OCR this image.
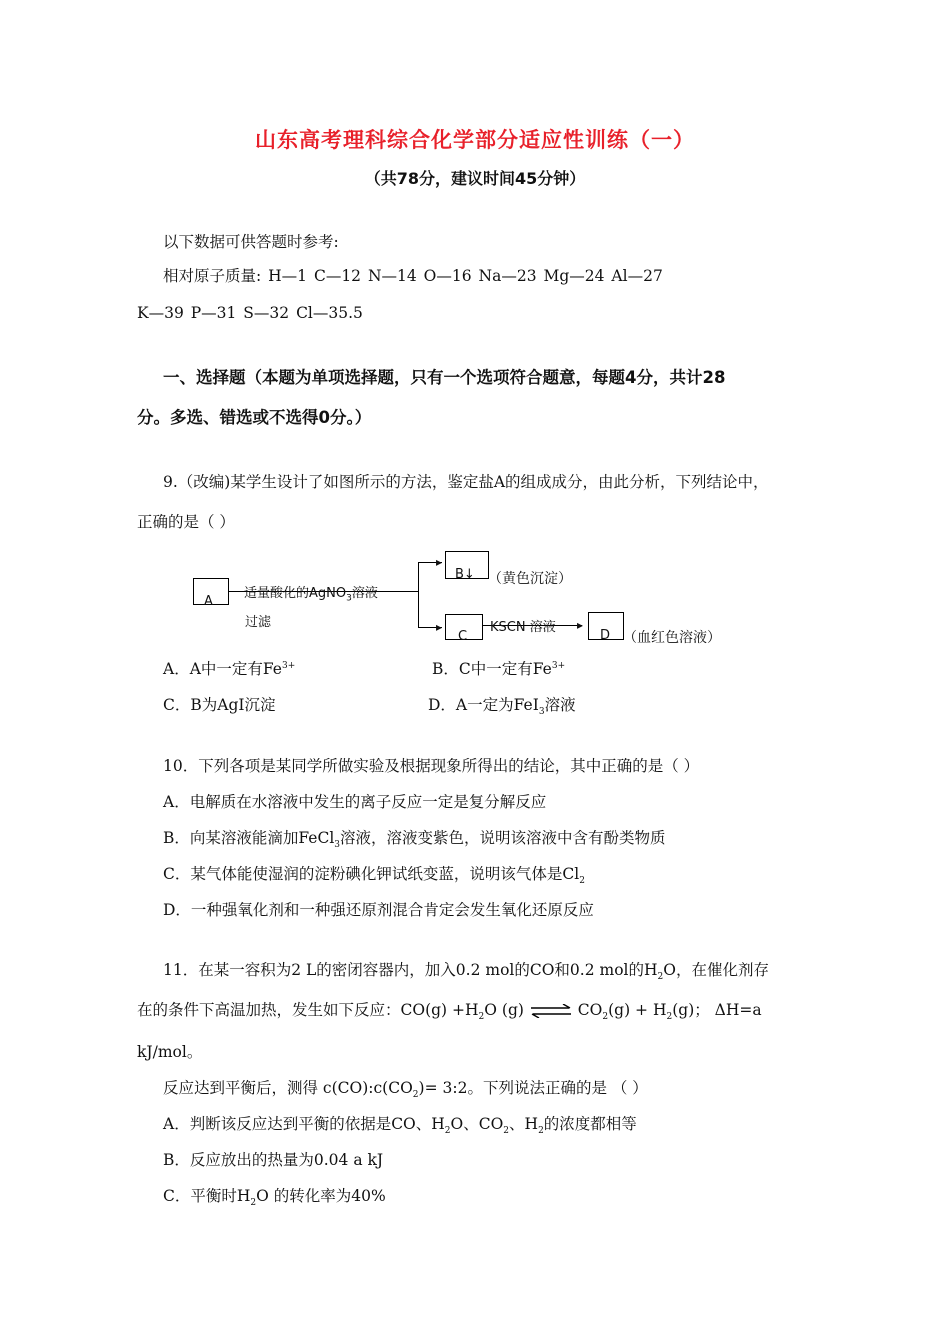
山东高考理科综合化学部分适应性训练（一）
（共78分，建议时间45分钟）
以下数据可供答题时参考:
相对原子质量: H—1 C—12 N—14 O—16 Na—23 Mg—24 Al—27
K—39 P—31 S—32 Cl—35.5
一、选择题（本题为单项选择题，只有一个选项符合题意，每题4分，共计28
分。多选、错选或不选得0分。）
9.（改编)某学生设计了如图所示的方法，鉴定盐A的组成成分，由此分析，下列结论中，
正确的是（ ）
A
适量酸化的AgNO$_3$溶液
过滤
▸
▸
B↓ （黄色沉淀）
C
▸
KSCN 溶液
D （血红色溶液）
A．A中一定有$Fe^{3+}$	B．C中一定有$Fe^{3+}$
C．B为AgI沉淀	D．A一定为FeI$_3$溶液
10．下列各项是某同学所做实验及根据现象所得出的结论，其中正确的是（ ）
A．电解质在水溶液中发生的离子反应一定是复分解反应
B．向某溶液能滴加FeCl$_3$溶液，溶液变紫色，说明该溶液中含有酚类物质
C．某气体能使湿润的淀粉碘化钾试纸变蓝，说明该气体是$Cl_2$
D．一种强氧化剂和一种强还原剂混合肯定会发生氧化还原反应
11．在某一容积为2 L的密闭容器内，加入0.2 mol的CO和0.2 mol的$H_2O$，在催化剂存
在的条件下高温加热，发生如下反应：$CO(g) +H_2O$ (g) ⇌ $CO_2(g) + H_2(g)$； ΔH=a
kJ/mol。
反应达到平衡后，测得 $c(CO):c(CO_2)=$ 3:2。下列说法正确的是 （ ）
A．判断该反应达到平衡的依据是CO、$H_2O$、$CO_2$、$H_2$的浓度都相等
B．反应放出的热量为0.04 a kJ
C．平衡时$H_2O$ 的转化率为40%
